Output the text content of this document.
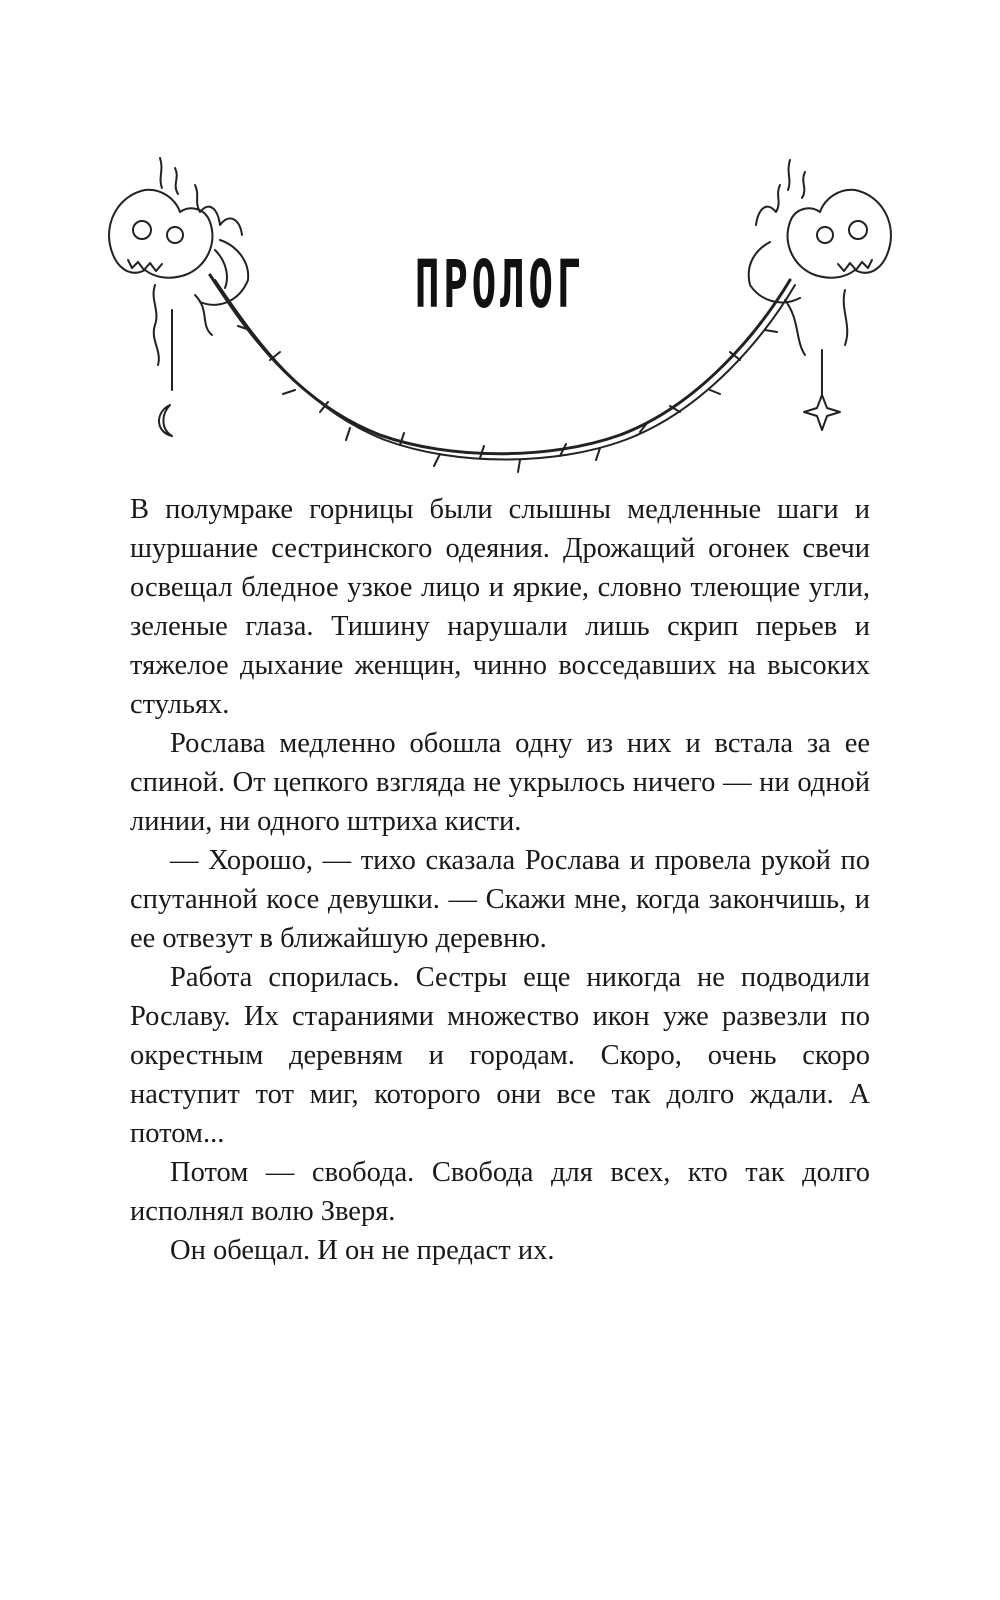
ПРОЛОГ

В полумраке горницы были слышны медленные шаги и шуршание сестринского одеяния. Дрожащий огонек свечи освещал бледное узкое лицо и яркие, словно тлеющие угли, зеленые глаза. Тишину нарушали лишь скрип перьев и тяжелое дыхание женщин, чинно восседавших на высоких стульях.

Рослава медленно обошла одну из них и встала за ее спиной. От цепкого взгляда не укрылось ничего — ни одной линии, ни одного штриха кисти.

— Хорошо, — тихо сказала Рослава и провела рукой по спутанной косе девушки. — Скажи мне, когда закончишь, и ее отвезут в ближайшую деревню.

Работа спорилась. Сестры еще никогда не подводили Рославу. Их стараниями множество икон уже развезли по окрестным деревням и городам. Скоро, очень скоро наступит тот миг, которого они все так долго ждали. А потом...

Потом — свобода. Свобода для всех, кто так долго исполнял волю Зверя.

Он обещал. И он не предаст их.
